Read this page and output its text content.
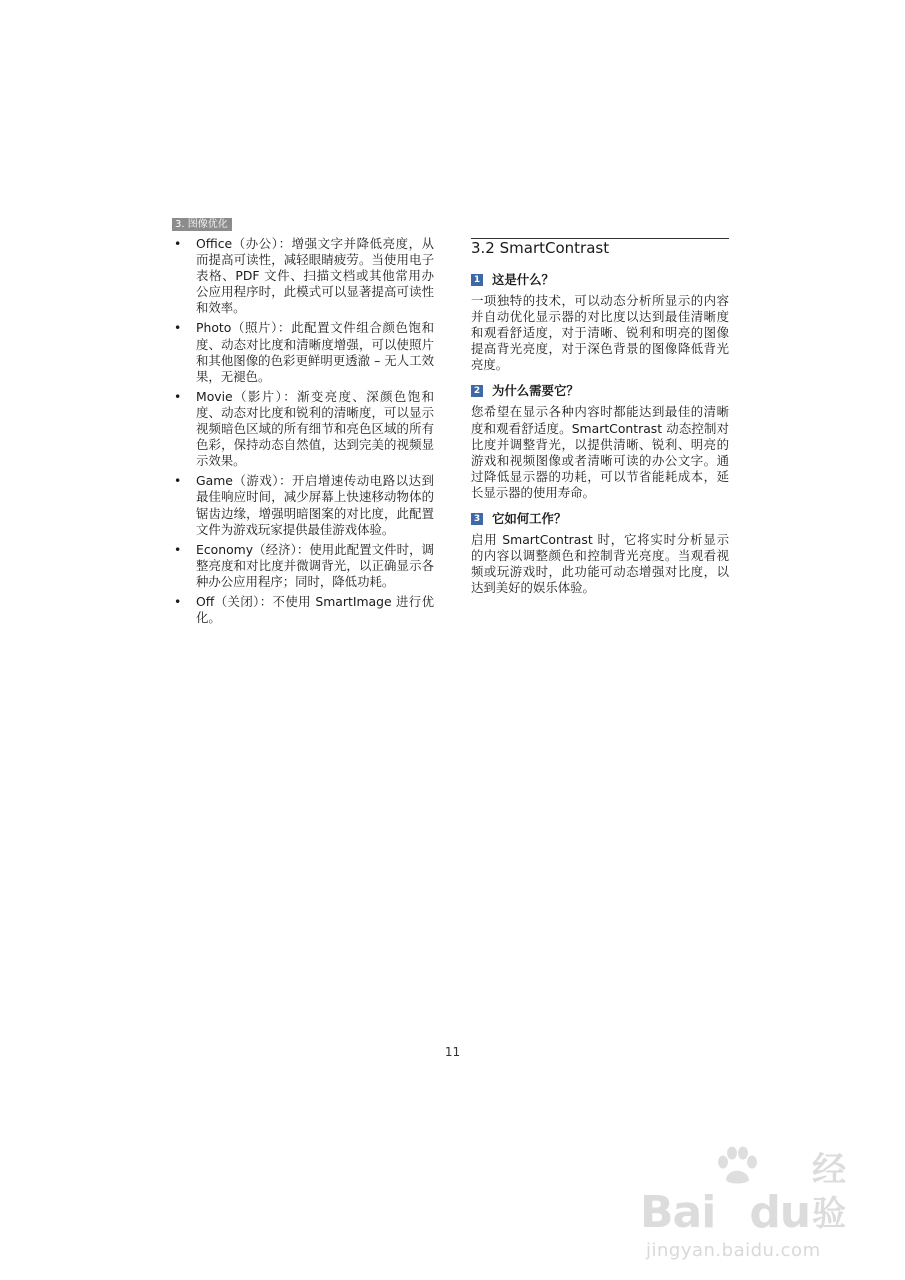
3. 图像优化
• Office（办公）：增强文字并降低亮度，从而提高可读性，减轻眼睛疲劳。当使用电子表格、PDF 文件、扫描文档或其他常用办公应用程序时，此模式可以显著提高可读性和效率。
• Photo（照片）：此配置文件组合颜色饱和度、动态对比度和清晰度增强，可以使照片和其他图像的色彩更鲜明更透澈 – 无人工效果，无褪色。
• Movie（影片）：渐变亮度、深颜色饱和度、动态对比度和锐利的清晰度，可以显示视频暗色区域的所有细节和亮色区域的所有色彩，保持动态自然值，达到完美的视频显示效果。
• Game（游戏）：开启增速传动电路以达到最佳响应时间，减少屏幕上快速移动物体的锯齿边缘，增强明暗图案的对比度，此配置文件为游戏玩家提供最佳游戏体验。
• Economy（经济）：使用此配置文件时，调整亮度和对比度并微调背光，以正确显示各种办公应用程序；同时，降低功耗。
• Off（关闭）：不使用 SmartImage 进行优化。
3.2 SmartContrast
1 这是什么？

一项独特的技术，可以动态分析所显示的内容并自动优化显示器的对比度以达到最佳清晰度和观看舒适度，对于清晰、锐利和明亮的图像提高背光亮度，对于深色背景的图像降低背光亮度。

2 为什么需要它？

您希望在显示各种内容时都能达到最佳的清晰度和观看舒适度。SmartContrast 动态控制对比度并调整背光，以提供清晰、锐利、明亮的游戏和视频图像或者清晰可读的办公文字。通过降低显示器的功耗，可以节省能耗成本，延长显示器的使用寿命。

3 它如何工作？

启用 SmartContrast 时，它将实时分析显示的内容以调整颜色和控制背光亮度。当观看视频或玩游戏时，此功能可动态增强对比度，以达到美好的娱乐体验。

11
Bai du
经验
jingyan.baidu.com
